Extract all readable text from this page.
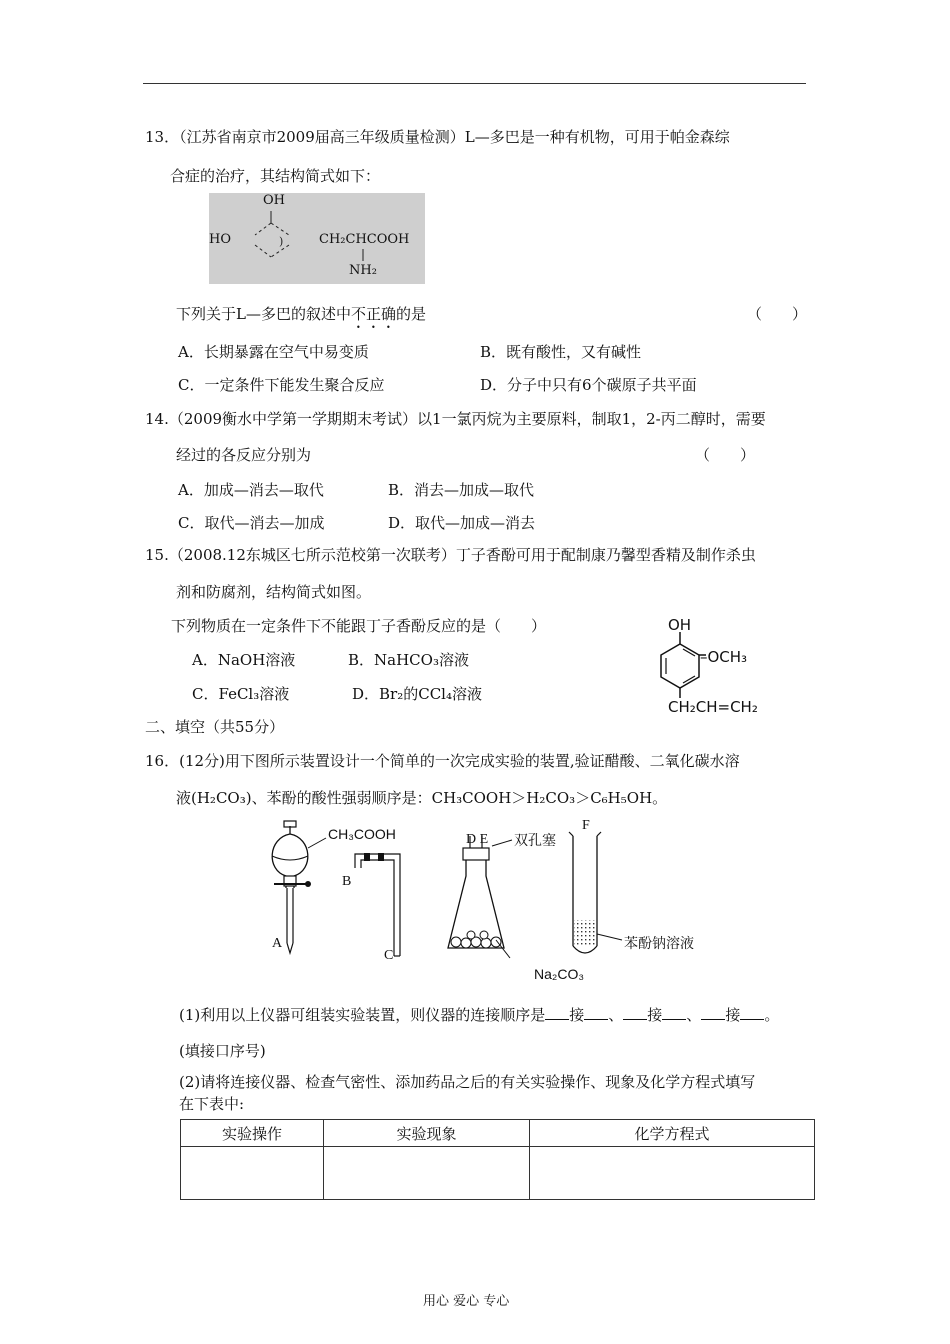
13．（江苏省南京市2009届高三年级质量检测）L—多巴是一种有机物，可用于帕金森综
合症的治疗，其结构简式如下：
)
OH
HO	CH₂CHCOOH
NH₂
下列关于L—多巴的叙述中不正确的是	（　　）
A．长期暴露在空气中易变质	B．既有酸性，又有碱性
C．一定条件下能发生聚合反应	D．分子中只有6个碳原子共平面
14.（2009衡水中学第一学期期末考试）以1一氯丙烷为主要原料，制取1，2-丙二醇时，需要
经过的各反应分别为	（　　）
A．加成—消去—取代	B．消去—加成—取代
C．取代—消去—加成	D．取代—加成—消去
15.（2008.12东城区七所示范校第一次联考）丁子香酚可用于配制康乃馨型香精及制作杀虫
剂和防腐剂，结构简式如图。
下列物质在一定条件下不能跟丁子香酚反应的是（　　）
A．NaOH溶液	B．NaHCO₃溶液
C．FeCl₃溶液	D．Br₂的CCl₄溶液
OH
–OCH₃
CH₂CH=CH₂
二、填空（共55分）
16．(12分)用下图所示装置设计一个简单的一次完成实验的装置,验证醋酸、二氧化碳水溶
液(H₂CO₃)、苯酚的酸性强弱顺序是：CH₃COOH＞H₂CO₃＞C₆H₅OH。
CH₃COOH
A
B
C
D E 双孔塞
F
Na₂CO₃
苯酚钠溶液
(1)利用以上仪器可组装实验装置，则仪器的连接顺序是 接 、 接 、 接 。
(填接口序号)
(2)请将连接仪器、检查气密性、添加药品之后的有关实验操作、现象及化学方程式填写
在下表中:
实验操作	实验现象	化学方程式

用心 爱心 专心
